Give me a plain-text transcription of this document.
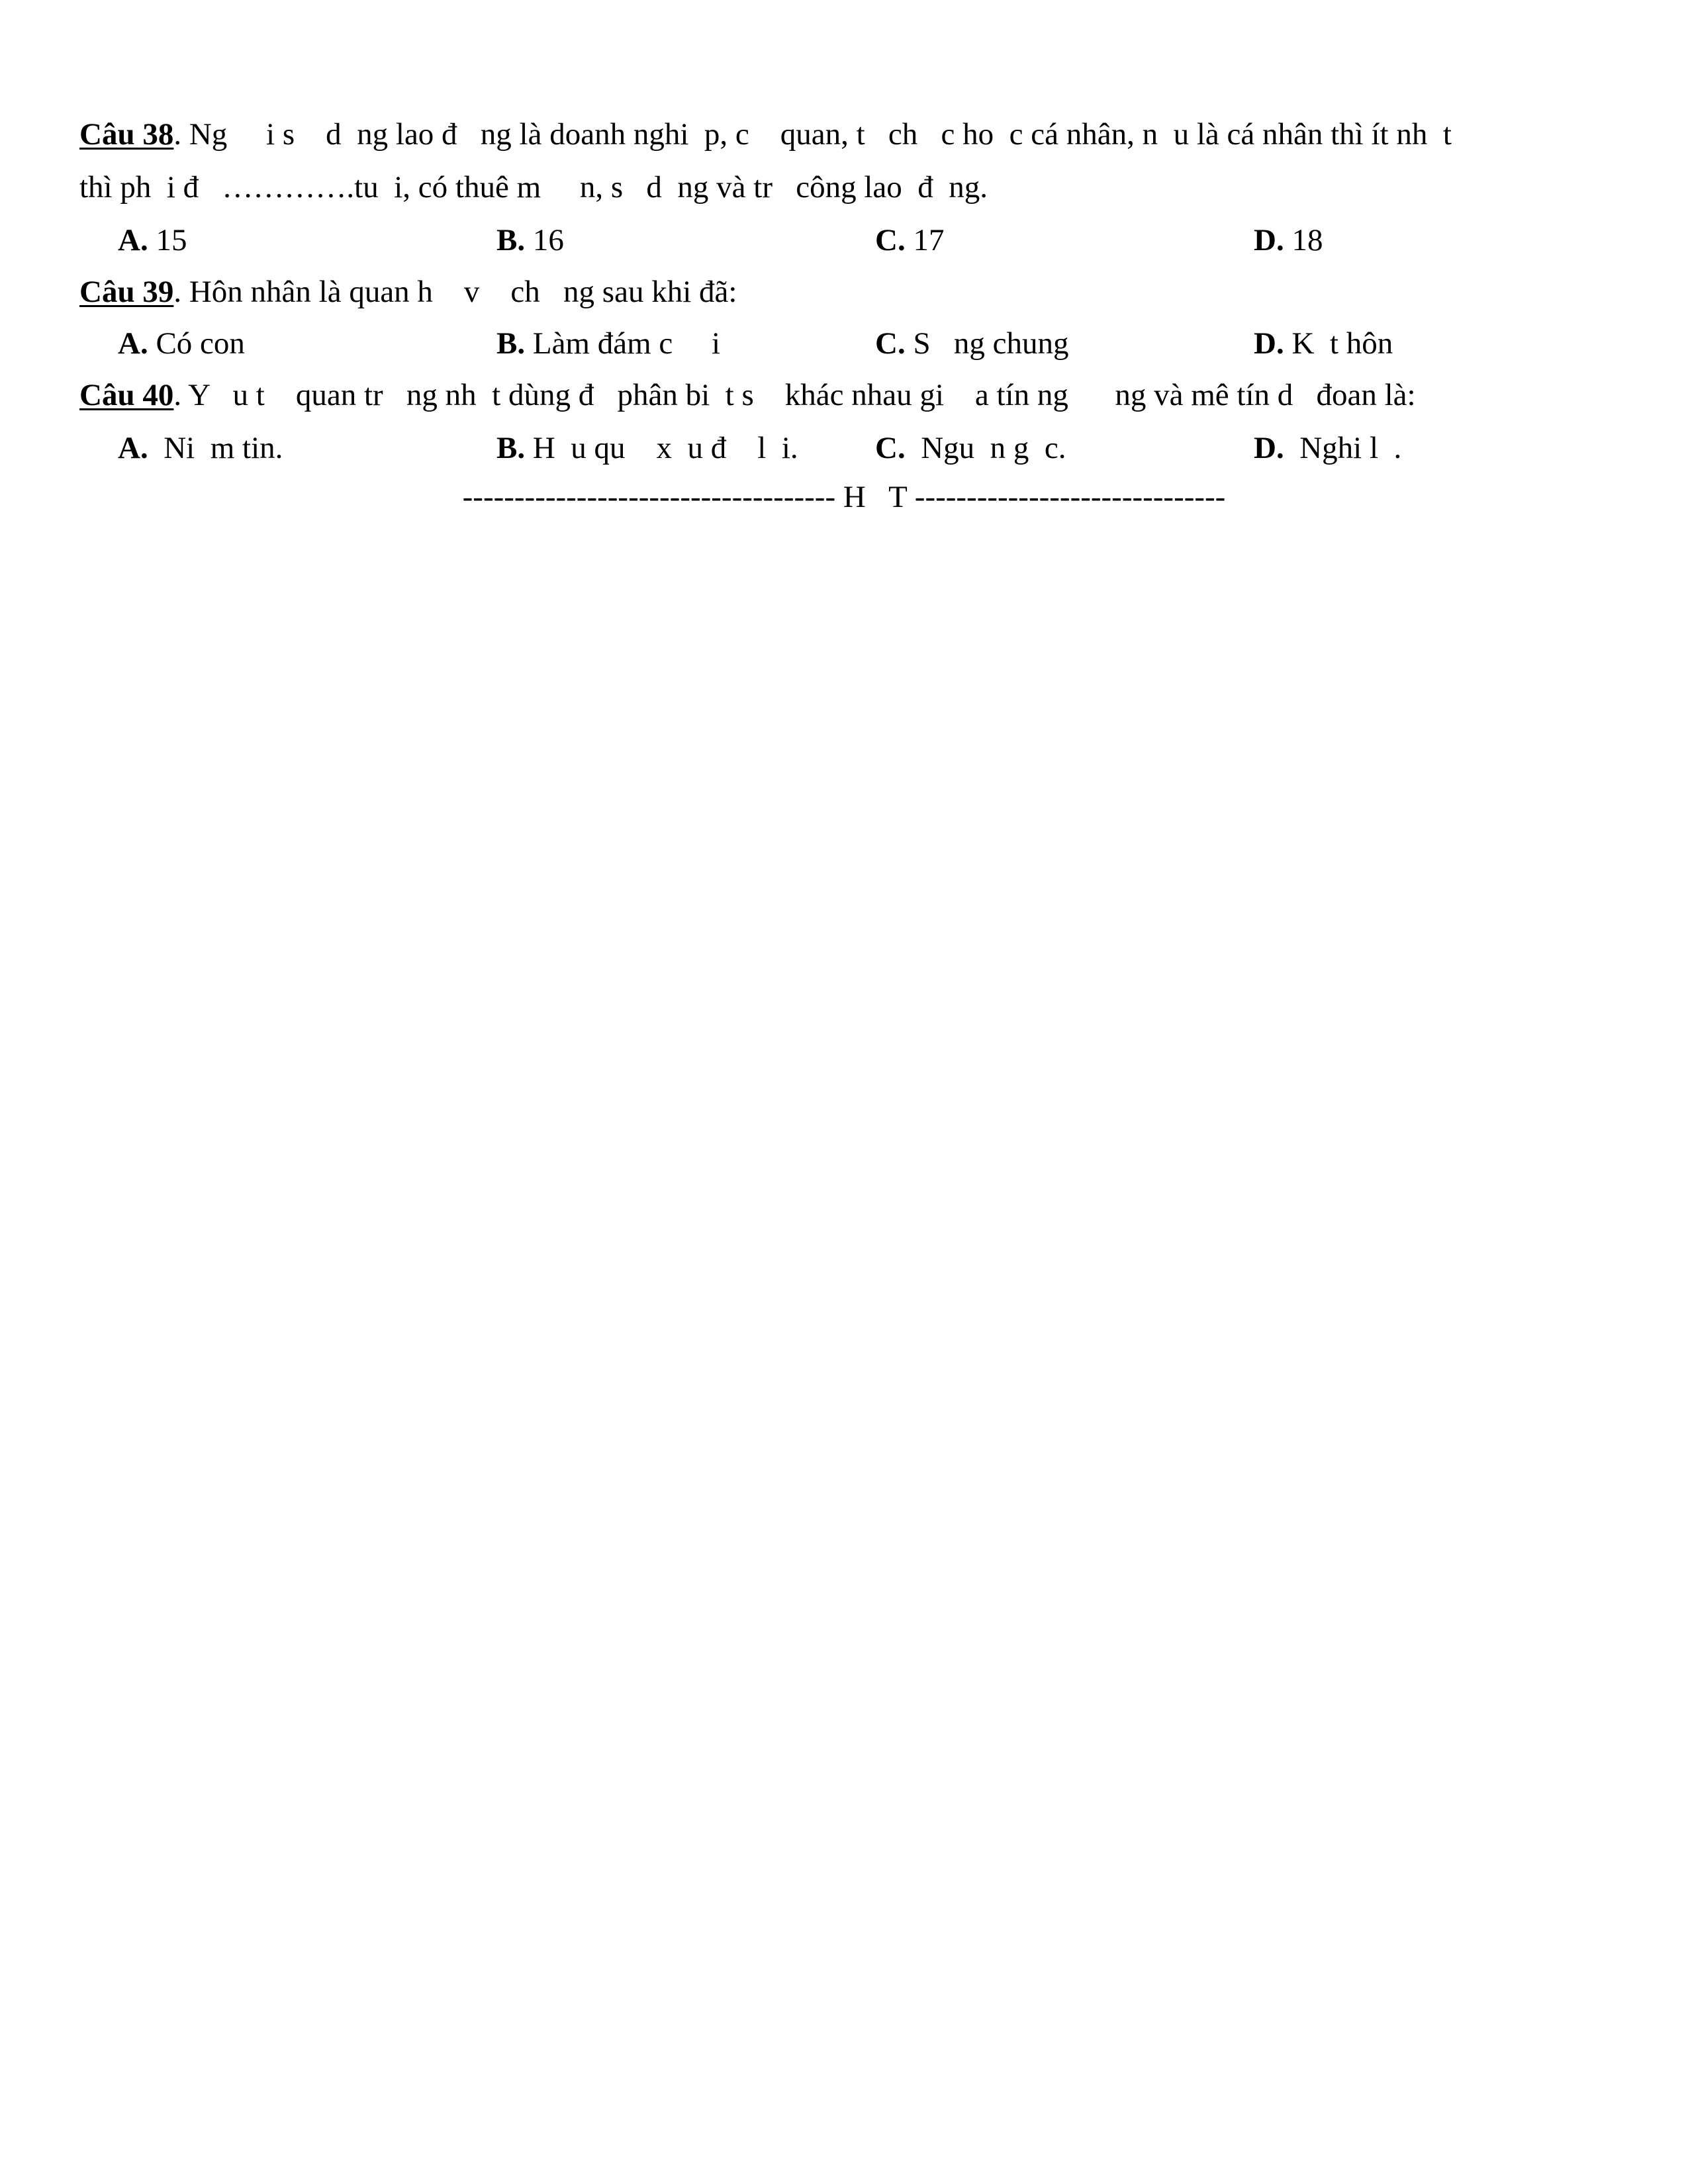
Câu 38. Ng     i s    d  ng lao đ   ng là doanh nghi  p, c    quan, t   ch   c ho  c cá nhân, n  u là cá nhân thì ít nh  t

thì ph  i đ   ………….tu  i, có thuê m     n, s   d  ng và tr   công lao  đ  ng.

A. 15	B. 16	C. 17	D. 18

Câu 39. Hôn nhân là quan h    v    ch   ng sau khi đã:

A. Có con	B. Làm đám c     i	C. S   ng chung	D. K  t hôn

Câu 40. Y   u t    quan tr   ng nh  t dùng đ   phân bi  t s    khác nhau gi    a tín ng      ng và mê tín d   đoan là:

A.  Ni  m tin.	B. H  u qu    x  u đ    l  i. C.  Ngu  n g  c.	D.  Nghi l  .

------------------------------------ H   T ------------------------------
